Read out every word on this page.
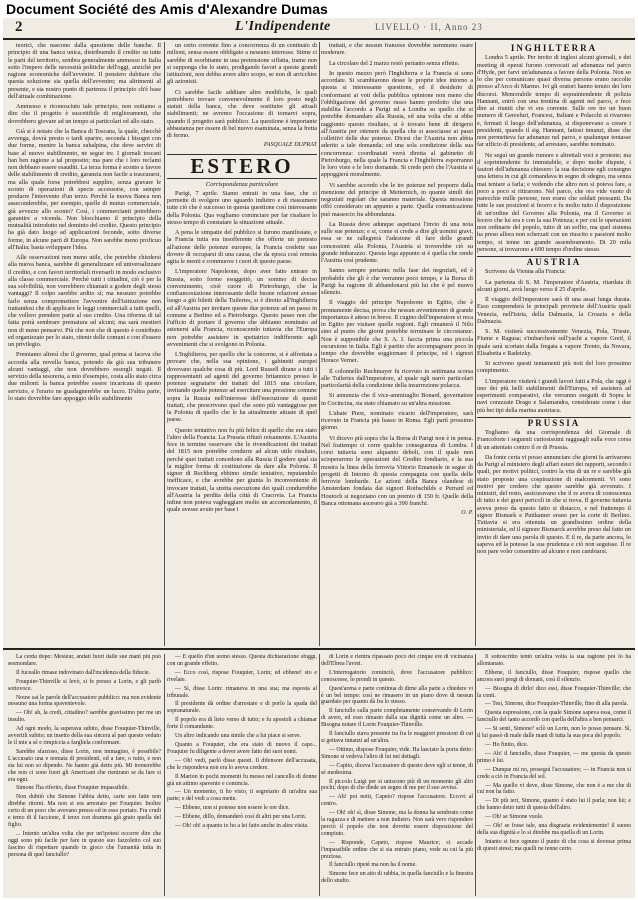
Document Société des Amis d'Alexandre Dumas
2	L'Indipendente	LIVELLO · II, Anno 23

teorici, che nascono dalla questione delle banche. Il principio di una banca unica, distribuendo il credito su tutte le parti del territorio, sembra generalmente ammesso in Italia sotto l'impero delle necessità politiche dell'oggi, anzichè per ragione economiche dell'avvenire. Il pensiero dubitare che questa soluzione sia quella dell'avvenire; ma altrimenti al presente, e sia nostro punto di partenza il principio ch'è base dell'attuale combinazione.

Ammesso e riconosciuto tale principio, non esitiamo a dire che il progetto è suscettibile di miglioramenti, che dovrebbero giovare ad un tempo ai particolari ed allo stato.

Già si è notato che la Banca di Toscana, la quale, checchè avvenga, dovrà presto o tardi sparire, seconda i bisogni con due forme, mentre la banca subalpina, che deve servire di base al nuovo stabilimento, ne segue tre. I giornali toscani han ben ragione a tal proposito; ma pare che i loro reclami non debbano essere esauditi. La terza forma è sconto a favore delle stabilimento di credito, garanzia non facile a trascurarsi, ma alla quale forse potrebbesi supplire, senza gravare le sconto di operazioni di specie accessorie, con sempre produrre l'intervento d'un terzo. Perchè la nuova Banca non asseconderebbe, per esempio, quelle di mutuo commerciale, già avvezze allo sconto? Così, i commercianti potrebbero garantire a vicenda. Non blocchiamo il principio della mutualità introdotto nel dominio del credito. Questo principio ha già dato luogo ad applicazioni feconde, sotto diverse forme, in alcune parti di Europa. Non sarebbe meno proficuo all'Italia; basta sviluppare l'idea.

Alle osservazioni non meno utile, che potrebbe chiedersi alla nuova banca, sarebbe di generalizzare ed universalizzare il credito, e con favori territoriali riversarli in modo esclusivo alla classe commerciale. Perchè tutti i cittadini, ciò è per la sua solvibilità, non vorrebbero chiamati a godere degli stessi vantaggi? Il colpo sarebbe ardito sì; ma nessuno potrebbe farlo senza compromettere l'avvenire dell'istituzione non trattandosi che di applicare le leggi commerciali a tutti quelli, che vollero prendere parte al suo credito. Una riforma di tal fatta potrà sembrare prematura ad alcuni; ma sarà mestieri non di meno pensarvi. Più che non che di questo è contributo ed organizzato per lo stato, ritenir delle comuni e con d'essere un privilegio.

Premiamo altresì che il governo, qual prima si faceva che accorda alla novella banca, potendo da giù sua tribunere alcuni vantaggi, che non dovrebbero essergli negati. Il servizio della tesoreria, a mio d'esempio, costa allo stato circa due milioni: la banca potrebbe essere incaricata di questo servizio, e l'erario ne guadagnerebbe un lucro. D'altra parte, lo stato dovrebbe fare appoggio dello stabilimento

un certo corrente fino a concorrenza di un centinaio di milioni, sensa essere obbligato a nessuno interesse. Stime ci sarebbe di esorbitante in una pretensione siffatta, trame non si supponga che lo stato, prodigando favori a queste grandi istituzioni, non debba avere altro scopo, se non di arricchire gli azionisti.

Ci sarebbe facile additare altre modifiche, le quali potrebbero trovare convenevolmente il loro posto negli statuti della banca, che deve sostituire gli attuali stabilimenti; ne avremo l'occasione di tornarvi sopra, quando il progetto sarà pubblico. La questione è importante abbastanza per essere di bel nuovo esaminata, senza la fretta di fermo.

PASQUALE DUPRAT
ESTERO
Corrispondenza particolare

Parigi, 7 aprile. Siamo entrati in una fase, che ci permette di svolgere uno sguardo indietro e di riassumere tutte ciò che è successo in questa questione così interessante della Polonia. Qua vogliamo cominciare per far risaltare lo stesso tempo di constatare la situazione attuale.

A pena le simpatie del pubblico si furono manifestate, e la Francia tutta era insofferente che offerte un pretesto all'azione delle potenze europee, la Francia credette suo dovere di occuparsi di una causa, che da epoca così remota agita le menti e commuove i cuori di questo paese.

L'imperatore Napoleone, dopo aver fatto entrare in Russia, sotto forme esoggettò, un sommo di deciso convenimento, cioè cuore di Pietroburgo, che la confiancestazione interessante delle buone relazioni avesse luogo a giù biletti della Tuileries, si è diretto all'Inghilterra ed all'Austria per invitare queste due potenze ad un passo in comune a Berlino ed a Pietroburgo. Questo passo non che l'ufficio di portare il governo che abbiamo nominato ad astenersi alla Francia, riconoscendo tuttavia che l'Europa non potrebbe assistere in spettatrice indifferente agli avvenimenti che si svolgono in Polonia.

L'Inghilterra, per quello che la concerne, si è affrettata a provare che, nella sua opinione, i gabinetti europei dovevano qualche cosa di più. Lord Russell dirane a tutti i rappresentanti ad agenti del governo britannico presso le potenze segnatarie dei trattati del 1815 una circolare, invitando quelle potenze ad esercitare una pressione comune sopra la Russia nell'interesse dell'esecuzione di questi trattati, che prescrivono quel che sono più vantaggiose per la Polonia di quello che le ha attualmente attuate di quel paese.

Questo tentativo non fu più felice di quello che era stato l'altro della Francia. La Prussia rifiutò reisamente. L'Austria fece in termine osservare che le rivendicazioni dei trattati del 1815 non potrebbe condurre ad alcun utile risultato, perchè quei trattati concedono alla Russia il godere qual sia la miglior forma di costituzione da dare alla Polonia. Il signor di Rechberg ebbimo simile tentativo, reputandolo inefficace, e che avrebbe per giunta lo inconveniente di invocare trattati, la stretta esecuzione dei quali condurrebbe all'Austria la perdita della città di Cracovia. La Francia infine non poteva vagheggiare molto un accomodamento, il quale avesse avuto per base i

trattati, e che nessun francese dovrebbe nemmeno osare moderare.

La circolare del 2 marzo restò pertanto senza effetto.

In questo mezzo però l'Inghilterra e la Francia si sono accordate. Si scambiarono desse le proprie idee intorno a questa si interessante questione, ed il desiderio di conformarsi ai voti della pubblica opinione non meno che l'obbligazione del governo russo hanno prodotto che una stabilita l'accordo a Parigi ed a Londra su quello che si potrebbe domandare alla Russia, ed una volta che si ebbe raggiunto questo risultato, si è trovato bene di dirigersi all'Austria per ottenere da quella che si associasse ai passi collettivi delle due potenze. Dicesi che l'Austria non abbia aderito a tale domanda; ed una sola condizione della sua concorrenza: coordinatati verrà diretta al gabinetto di Pietroburgo, nella quale la Francia e l'Inghilterra esporranno le loro viste e le loro domande. Si crede però che l'Austria si appoggierà moralmente.

Vi sarebbe accordo che le tre potenze nel proporre dalla menzione del principe di Metternich, in quante simili dei negoziati regolari che saranno materiale. Questa mossione offrì considerato un appunto a parte. Quella comunicazione può massocio fra abbondanza.

La Russia deve adunque aspettarsi l'invio di una nota sulle sue potenze; e si, come si crede a dire gli uomini gravi, essa se ne rallegrerà l'adesione di fare delle grandi concessioni alla Polonia, l'Austria si troverebbe ciò su grande imbarazzo. Questa lega appunto si è quella che rende l'Austria così prudente.

Sanno sempre pertanto nella fase dei negoziati, ed è probabile che gli è che verranno poco tempo, e la Borsa di Parigi ha ragione di abbandonarsi più lui che è pel nuovo silenzio.

Il viaggio del principe Napoleone in Egitto, che è prontamente decisa, prova che nessun avvenimento di grande importanza è atteso in breve. Il cugino dell'imperatore si reca in Egitto per visitare quelle regioni. Egli rimanerà il Nilo sino al punto che giorni potrebbe terminare le circostanze. Non è supponibile che S. A. I. faccia prima una piccola escursione in Italia. Egli è partito che accompagnare poco in tempo che dovrebbe soggiornare il principe, ed i signori Horace Vernet.

Il colonnello Ruchmayer fu ricevuto in settimana scorsa alle Tuileries dall'imperatore, al quale egli narrò particolari particolarità della condizione della insurrezione polacca.

Si annunzia che il vice-ammiraglio Bonard, governatore in Cocincina, sia stato chiamato su un'altra missione.

L'abate Piere, nominato vicario dell'imperatore, sarà ricevuto in Francia più basso in Roma. Egli partì prossimo giorno.

Vi dicevo più sopra che la Borsa di Parigi non è in pensa. Nel frattempo ci corre qualche conseguenza di Londra. I corsi tuttavia sono alquanto deboli, con il quale non scioperarono le operazioni del Credito fondiario, e la sua mostra la linea della ferrovia Vittorio Emanuele in segue di progetti di Intorno di questa compagnia con quella delle ferrovie lombarde. Le azioni della Banca olandese di Amsterdam fondata dai signori Rothschilds e Perrard ed Houtoch si negoziano con un premio di 150 fr. Quelle della Banca ottomana ascesero già a 390 franchi.

O. P.
INGHILTERRA

Londra 5 aprile. Per invito di inglesi alcuni giornali, e dei meeting di operai furono convocati ad adunanza nel parco d'Hyde, per farvi un'adunanza a favore della Polonia. Non so lo che per comunicare quasi diversa persone erano raccolte presso al'Arco di Marmo. Ivi gli oratori hanno tenuto dei loro discorsi. Memorabile tempo di sopraintendente di polizia Hannant, entrò con una trentina di agenti nel parco, e fece dire ai riuniti che vi era corrente. Sulle ore tre un buon numero di Geresfuri, Francesi, Italiani e Polacchi si rivarono e, fermati il luogo dell'adunanza, si disponevano a creare i presidenti, quando il sig. Hannant, fattosi innanzi, disse che non permetteva far adunanze nel parco, e qualunque tentasse far ufficio di presidente, ad arrestare, sarebbe nominato.

Ne seguì un grande rumore e altrettali voci e proteste; ma il soprintendente fu immutabile, e dopo molte dispute, i fautori dell'adunanza chiesero: la sua decisione egli consegno una lettera in cui gli comandava in segno di sdegno, ma senza mai tentare a farla; e vedendo che altro non si poteva fare, a poco a poco si ritirarono. Nel parco, che ora vide vuoto di parecchie mille persone, non erano che soldati pressanti. Da tutte le sue posizioni si fecero e fu molto tutto il disposizione di un'ordine del Governo alla Polonia, ma il Governo si fecero che lui era e con la sua Potenza; e per cui le operazioni non ordinarie del popolo, tutto di un soffio, ma quel sistema ha preso allora non scherzati con un riuscito e passioni molto tempo, si tenne un grande assembramento. Di 20 mila persone, si trovarono a 600 tempo d'ordine stesso.

AUSTRIA

Scrivono da Vienna alla Francia:

La partenza di S. M. l'imperatore d'Austria, ritardata di alcuni giorni, avrà luogo verso il 25 d'aprile.

Il viaggio dell'imperatore sarà di una assai lunga durata. Esso comprenderà le principali provincie dell'Austria quali Venezia, nell'Istria, della Dalmazia, la Croazia e della Dalmazia.

S. M. visiterà successivamente Venezia, Pola, Trieste, Fiume e Ragusa; s'imbarcherà sull'yacht a vapore Greif, il quale sarà scortato dalla fregata a vapore Trento, da Novara, Elisabetta e Radetzky.

Si scrivono questi tentamenti più noti del loro prossimo compimento.

L'imperatore visiterà i grandi lavori fatti a Pola, che oggi è uno dei più belli stabilimenti dell'Europa, ed assisterà ad esperimenti comparativi, che verranno eseguiti di Sopra le navi corazzate Drago e Salamandra, considerate come i due più bei tipi della marina austriaca.

PRUSSIA

Togliamo da una corrispondenza del Giornale di Francoforte i seguenti curiosissimi ragguagli sulla voce corsa di un attentato contro il re di Prussia.

Da fonte certa vi posso annunciare che giorni fa arrivarono da Parigi al ministero degli affari esteri dei rapporti, secondo i quali, per motivi politici, contro la vita di un re e sarebbe già stato proposto una cospirazione di malcontenti. Vi sono motivi per credere che questo sarebbe già avvenuto. I ministri, del resto, assicuravano che il re aveva di conoscenza di tutto e dei gravi pericoli in che si trova. Il governo tuttavia aveva preso da questo fatto si distacco, e nel frattempo il signor Bismark e Puttkamer erano per la corte di Berlino. Tuttavia si era ottenuta un grandissimo ordine della ministeriale, ed il signore Bismarck avrebbe preso dal fatto un invito di dare una parola di questo. E il re, da parte ancora, lo sapeva ed la potesse la sua prudenza e ciò non seguisse. Il re non pare voler consentire ad alcuno e non cambiarsi.

La cerda dopo: Mesieur, andati fuori dalle sue mani più può sesmondare.

Il fuceallo rimase indovinato dall'incidenza della fiducie.

Fouquier-Thinville si levò, si fe presso a Lorin, e gli parlò sottovoce.

Nouw sai le parole dell'accusatore pubblico: ma non evidente nessuno una forma spaventevole.

— Oh! ah, la credi, cittadino? sarebbe gravissimo per me un insulto.

Ad ogni modo, la superava subito, disse Fouquier-Thinville, avvertili subito; un insetto della sua sincera al pari questo veduto le il mie a sé e rimpiccia a fargliela conformare.

Sarebbe sfarzoso, disse Lorin, non immagino, è possibile? L'accusato una e nomata di presidenti, ed a fare, o tutto, e non sia lui non so dipendo. Ne hanno già detto più. Mi tremerebbe che non ci sono fuori gli Americani che rientrano se da fare si era ogni.

Simone l'ha riferito, disse Fouquier impassibile.

Non dubitò che Simone l'abbia detto, carte son fatte non direbbe ritorni. Ma non si era arrestato per Fouquier. Inoltre certo di un poco che avevano presso ed in esso portato. Fra crudi e temo di il faccione, il terzo con dramma già grato quella del figlio.

... Intento un'altra volta che per un'ipotesi occorre dire che oggi sono più facile per fare in questo suo fazzoletto col suo fascino di rispettare quando in gioco che l'umanità tutta in persona di quel fanciullo?

— E quello d'un uomo stesso. Questa dichiarazione sfuggì, con un grande effetto.

— Ecco così, rispose Fouquier, Lorin; ed ebbene! sto e rivelate.

— Sì, disse Lorin: rimaneva in una sua; ma esposta al tribunale.

Il presidente dà ordine d'arrestare e di porlo la spada del sopranaturale.

Il popolo era di lieto verso di tutto; e fu apostoli a chiamar forte il comandante.

Un altro indicando una simile che a lui piace si serve.

Quanto a Fouquier, che era stato di nuovo il capo... Fouquier fu diligente a dover avere fatto dei suoi nomi.

— Oh! vedi, parlò disse questi. Il difensore dell'accusata, che le rispondeva non era lo aveva credere.

Il Marton in pochi momenti fu messo nel cancello di donne già un attimo spavento e comincia.

— Un momento, ti ho visto, ti segretario di un'altra sua parte; e del vedi a cosa mette.

— Ebbene, non si potesse non essere le ore dice.

— Ebbene, dillo, domanderò così di altri per una Lorin.

— Oh! oh! a quanto io ho a lei fatto anche in altra visita.

di Lorin e rientra ripassato poco dei cinque ere di vicinanza dell'Ebrea l'avrei.

L'interrogatorio cominciò, dove l'accusatore pubblico: conoscesse, lo prendi in questo.

Quest'arena e parte continua di dirne alla parte a chiedere vi è un bel tempo: così ne rimasero in un piano dove di nessun guardato per quanto dà fra lo stesso.

Il fanciullo sulla parte completamente conservando di Lorin di avere, ed esso rimasto dalla sua dignità come un altro. — Bisogna notare il Lorin Fouquier-Thinville.

Il fanciullo stava presente tra fra le maggiori pressioni di cui si gettava innanzi ad un'altra.

— Ottimo, dispose Fouquier, vide. Ha lasciato la porta detto: Simone si vedeva l'altro di lui nei dettagli.

— Capito, diceva l'accusatore di questo deve egli si tenne, di sé medesima.

Il piccolo Luigi per si uniscono più di un momento gli altri pochi; dopo di che diede un segno di me per il suo avviso.

— Ah! poi notti, Capeto? rispose l'accusatore. Eccovi al centro.

— Oh! oh! sì, disse Simone, ma la donna ha sembrato come la ragazza e di mettere a non indietro. Non sarà vero rispondere perciò il popolo che non dovette essere disposizione del compiuto.

— Risponde, Capeto, rispose Maurice; ci accade l'impassibile ordine che si sia entrato piano, vede su cui la più preziosa.

Il fanciullo ripetè ma non ha il nome.

Simone fece un atto di rabbia, in quella fanciullo e la finestra dello studio.

Il sottoscritto tentò un'altra volta la sua ragione poi lo ha allontanato.

Ebbene, il fanciullo, disse Fouquier, rispose quello che ancora suoi pregi di domani, così il silenzio.

— Bisogna di dirlo! dico essi, disse Fouquier-Thinville; che la conti.

— Tesi, Simone, dice Fouquier-Thinville, fino di alla parola.

Questa espressione, con la quale Simone sapeva essa, come il fanciullo del tanto accordò con quella dell'altra a ben pensarci.

— Si senti, Simone? sclò un Lorin, non lo posso pensare. Sì, il lui passò di male dalle mani di tutta la sua poca del popolo.

— Ho finito, dice.

— Ah! il fanciullo, disse Fouquier, — me questa da questo primo è lui.

— Dunque mi no, proseguì l'accusatore; — in Francia non si crede a ciò in Francia del sol.

— Ma quello vi deve, disse Simone, che non è a me che di cui non ha fatto.

— Di più ieri, Simone, quanto è stato lui il parla; non lui; e che hanno detto tutti di questa dell'altro.

— Oh! se Simone vuole.

— Oh! se fosse tale, una disgrazia evidentemente! il suono della sua dignità e lo si direbbe ma quella di un Lorin.

Intanto si fece ognuno il punto di che cosa si dovesse prima di questi stessi; ma quelli ne tenne certo.
